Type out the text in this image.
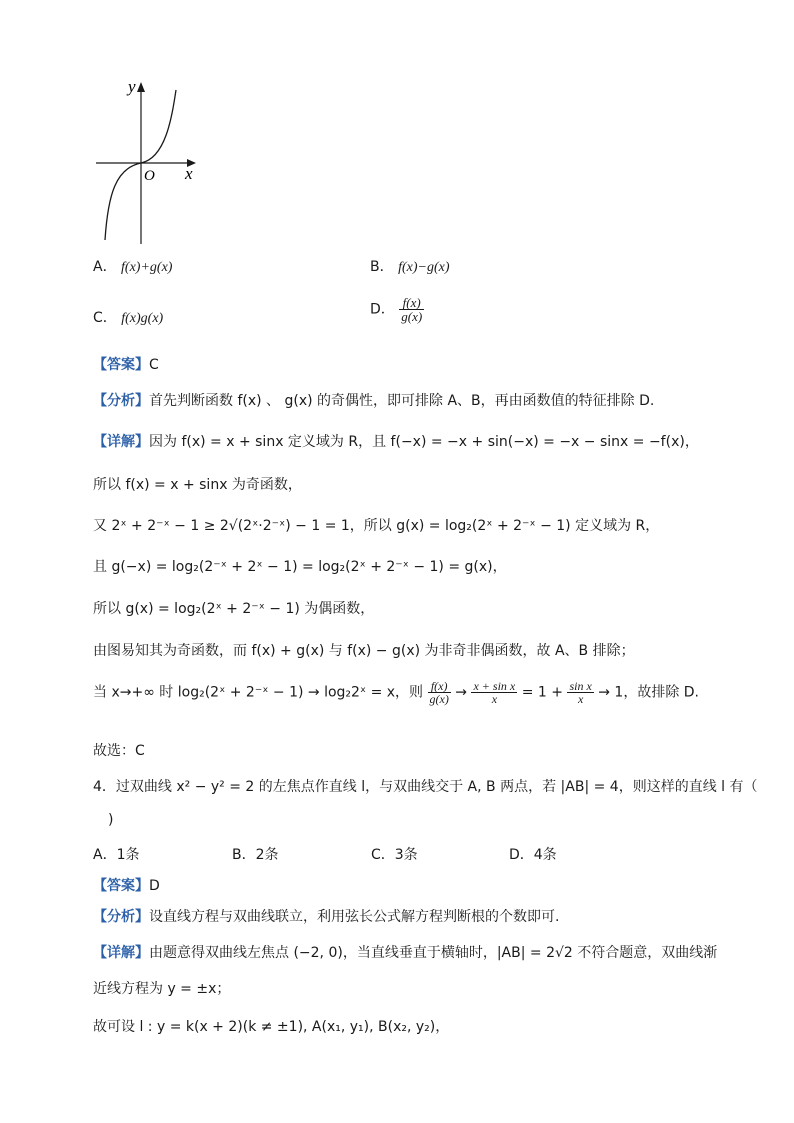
y
x
O
A． f(x)+g(x)	B． f(x)−g(x)
C． f(x)g(x)
D． $\frac{f(x)}{g(x)}$
【答案】C
【分析】首先判断函数 f(x) 、 g(x) 的奇偶性，即可排除 A、B，再由函数值的特征排除 D.
【详解】因为 f(x) = x + sinx 定义域为 R，且 f(−x) = −x + sin(−x) = −x − sinx = −f(x)，
所以 f(x) = x + sinx 为奇函数，
又 2ˣ + 2⁻ˣ − 1 ≥ 2√(2ˣ·2⁻ˣ) − 1 = 1，所以 g(x) = log₂(2ˣ + 2⁻ˣ − 1) 定义域为 R，
且 g(−x) = log₂(2⁻ˣ + 2ˣ − 1) = log₂(2ˣ + 2⁻ˣ − 1) = g(x)，
所以 g(x) = log₂(2ˣ + 2⁻ˣ − 1) 为偶函数，
由图易知其为奇函数，而 f(x) + g(x) 与 f(x) − g(x) 为非奇非偶函数，故 A、B 排除；
当 x→+∞ 时 log₂(2ˣ + 2⁻ˣ − 1) → log₂2ˣ = x，则 $\frac{f(x)}{g(x)} \to \frac{\text{x + sin x}}{x} = 1 + \frac{\text{sin x}}{x} \to 1$，故排除 D.
故选：C
4．过双曲线 x² − y² = 2 的左焦点作直线 l，与双曲线交于 A, B 两点，若 |AB| = 4，则这样的直线 l 有（
)
A．1条	B．2条	C．3条	D．4条
【答案】D
【分析】设直线方程与双曲线联立，利用弦长公式解方程判断根的个数即可.
【详解】由题意得双曲线左焦点 (−2, 0)，当直线垂直于横轴时，|AB| = 2√2 不符合题意，双曲线渐
近线方程为 y = ±x；
故可设 l : y = k(x + 2)(k ≠ ±1), A(x₁, y₁), B(x₂, y₂)，
